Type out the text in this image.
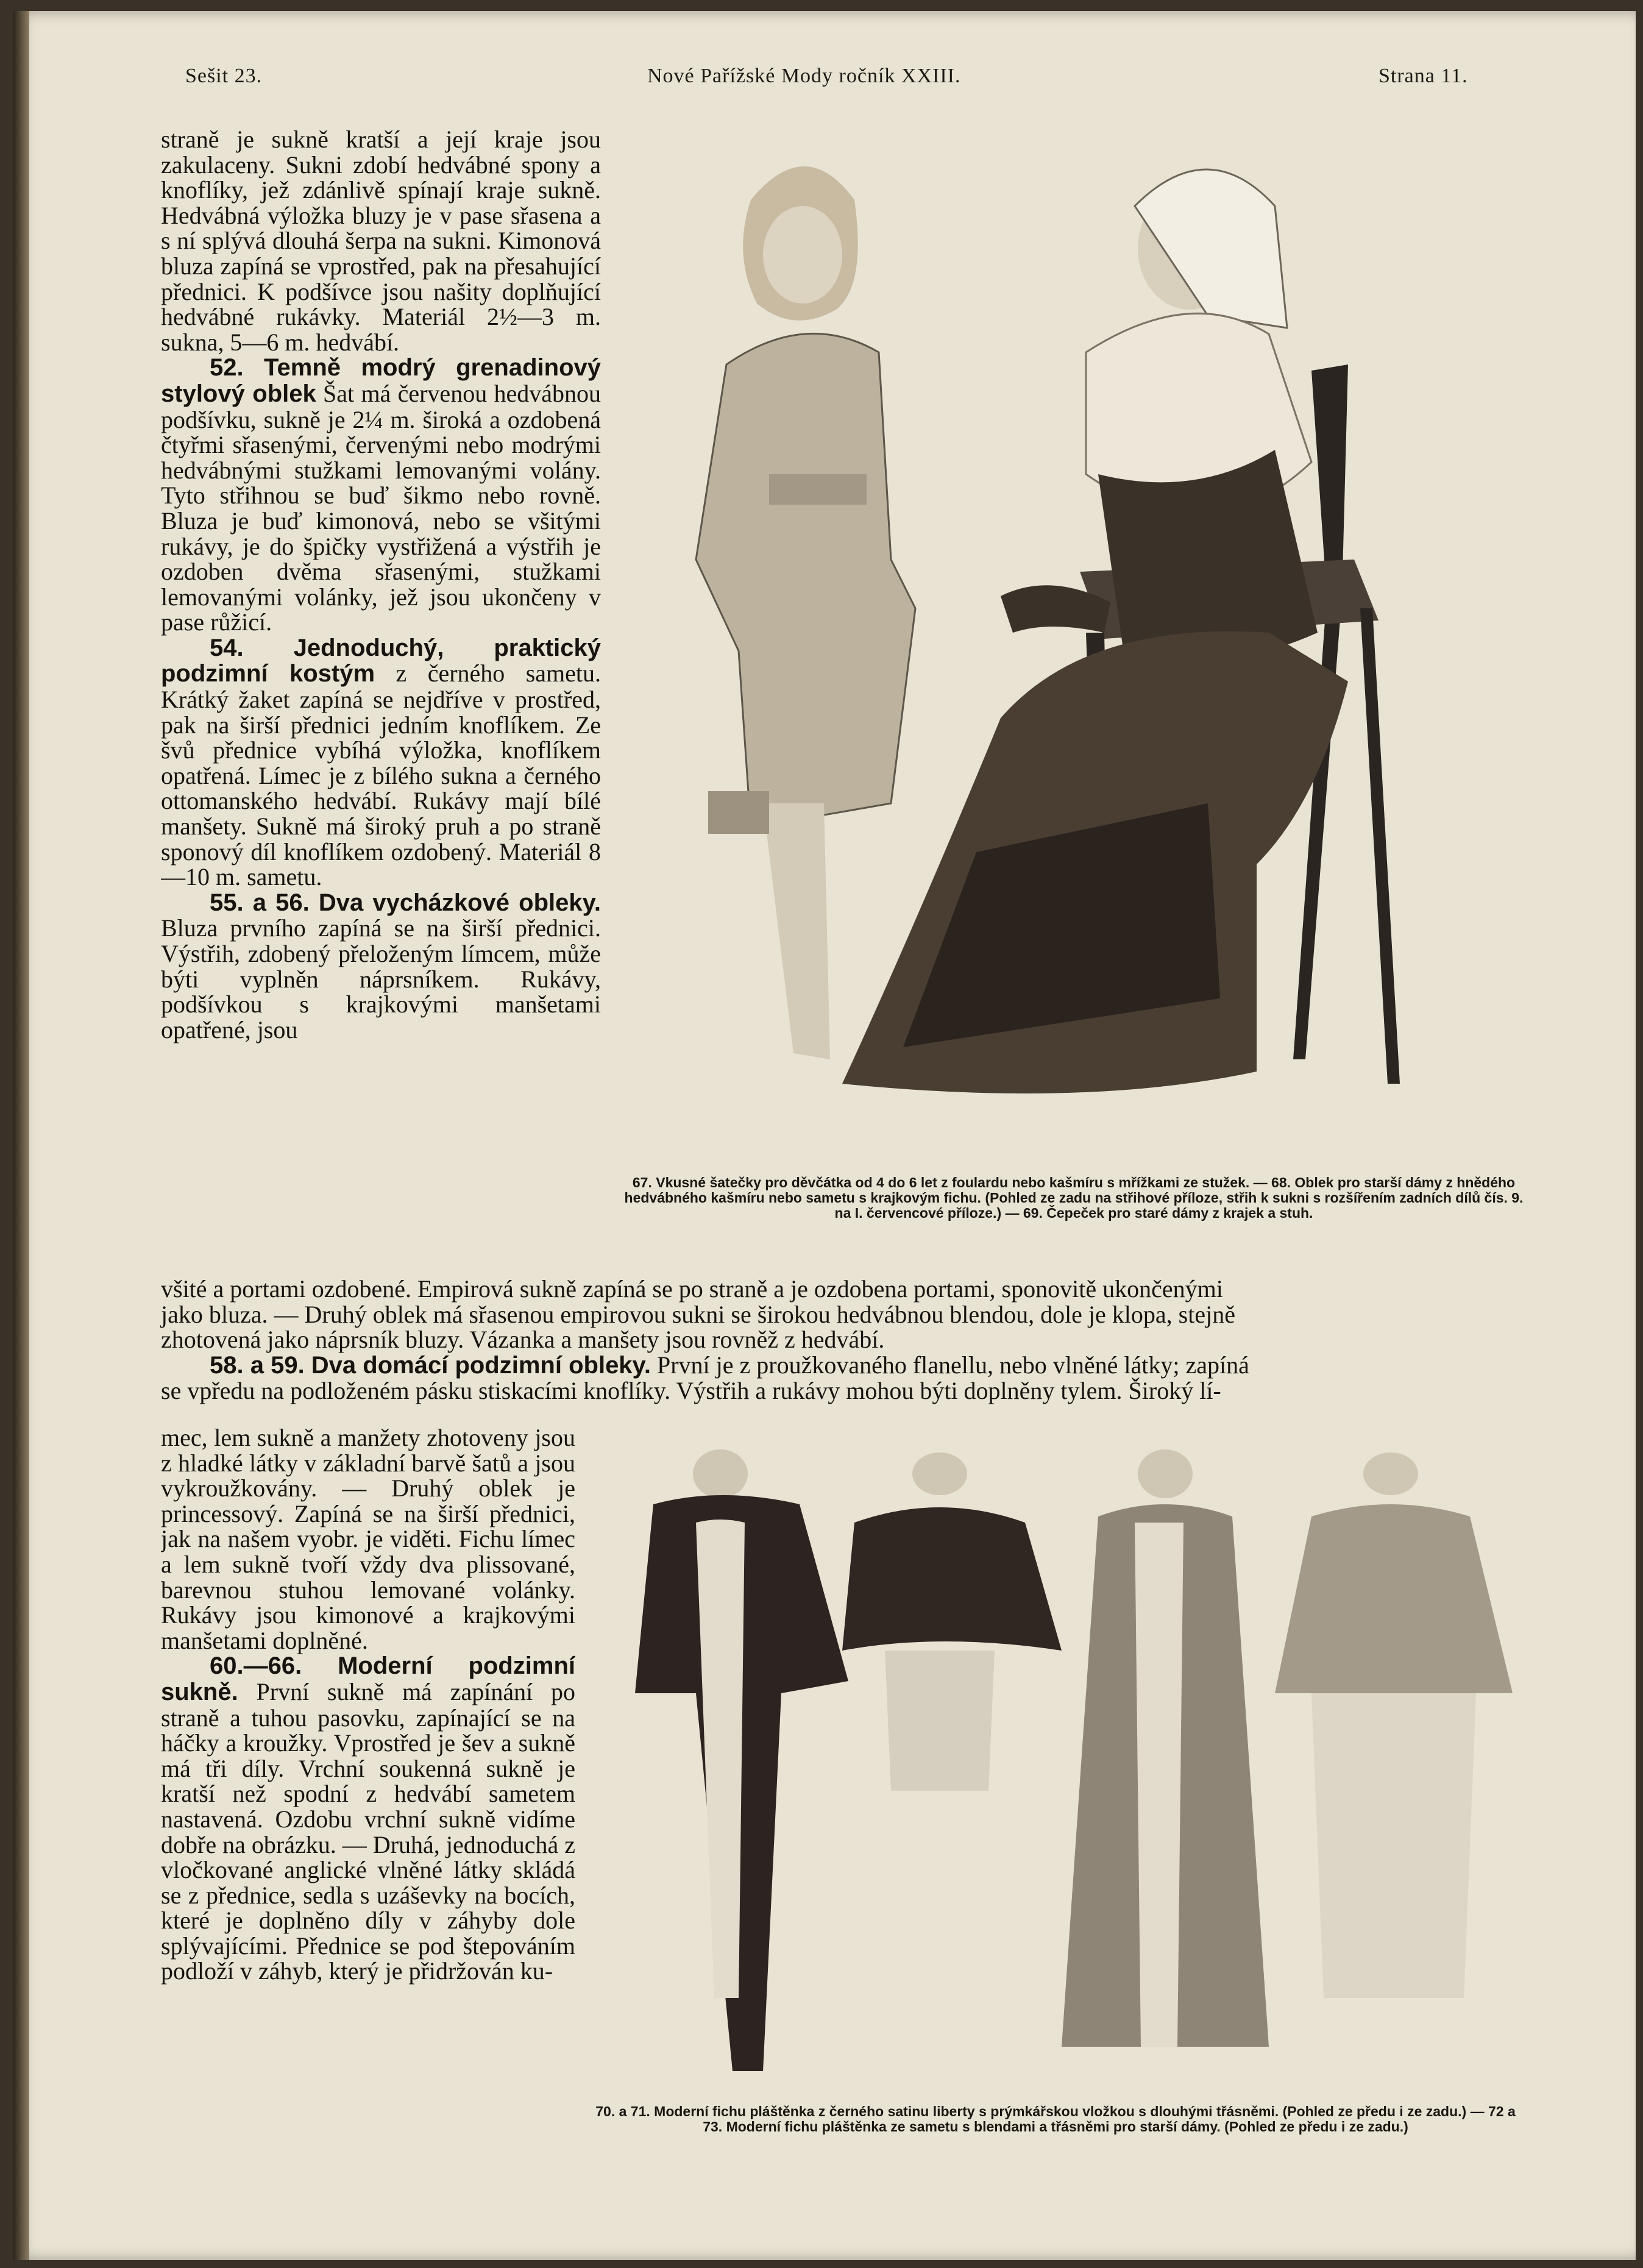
Sešit 23.	Nové Pařížské Mody ročník XXIII.	Strana 11.

straně je sukně kratší a její kraje jsou zakulaceny. Sukni zdobí hedvábné spony a knoflíky, jež zdánlivě spínají kraje sukně. Hedvábná výložka bluzy je v pase sřasena a s ní splývá dlouhá šerpa na sukni. Kimonová bluza zapíná se vprostřed, pak na přesahující přednici. K podšívce jsou našity doplňující hedvábné rukávky. Materiál 2½—3 m. sukna, 5—6 m. hedvábí.

52. Temně modrý grenadinový stylový oblek Šat má červenou hedvábnou podšívku, sukně je 2¼ m. široká a ozdobená čtyřmi sřasenými, červenými nebo modrými hedvábnými stužkami lemovanými volány. Tyto střihnou se buď šikmo nebo rovně. Bluza je buď kimonová, nebo se všitými rukávy, je do špičky vystřižená a výstřih je ozdoben dvěma sřasenými, stužkami lemovanými volánky, jež jsou ukončeny v pase růžicí.

54. Jednoduchý, praktický podzimní kostým z černého sametu. Krátký žaket zapíná se nejdříve v prostřed, pak na širší přednici jedním knoflíkem. Ze švů přednice vybíhá výložka, knoflíkem opatřená. Límec je z bílého sukna a černého ottomanského hedvábí. Rukávy mají bílé manšety. Sukně má široký pruh a po straně sponový díl knoflíkem ozdobený. Materiál 8—10 m. sametu.

55. a 56. Dva vycházkové obleky. Bluza prvního zapíná se na širší přednici. Výstřih, zdobený přeloženým límcem, může býti vyplněn náprsníkem. Rukávy, podšívkou s krajkovými manšetami opatřené, jsou

67. Vkusné šatečky pro děvčátka od 4 do 6 let z foulardu nebo kašmíru s mřížkami ze stužek. — 68. Oblek pro starší dámy z hnědého hedvábného kašmíru nebo sametu s krajkovým fichu. (Pohled ze zadu na střihové příloze, střih k sukni s rozšířením zadních dílů čís. 9. na I. červencové příloze.) — 69. Čepeček pro staré dámy z krajek a stuh.

všité a portami ozdobené. Empirová sukně zapíná se po straně a je ozdobena portami, sponovitě ukončenými

jako bluza. — Druhý oblek má sřasenou empirovou sukni se širokou hedvábnou blendou, dole je klopa, stejně

zhotovená jako náprsník bluzy. Vázanka a manšety jsou rovněž z hedvábí.

58. a 59. Dva domácí podzimní obleky. První je z proužkovaného flanellu, nebo vlněné látky; zapíná

se vpředu na podloženém pásku stiskacími knoflíky. Výstřih a rukávy mohou býti doplněny tylem. Široký lí-

mec, lem sukně a manžety zhotoveny jsou z hladké látky v základní barvě šatů a jsou vykroužkovány. — Druhý oblek je princessový. Zapíná se na širší přednici, jak na našem vyobr. je viděti. Fichu límec a lem sukně tvoří vždy dva plissované, barevnou stuhou lemované volánky. Rukávy jsou kimonové a krajkovými manšetami doplněné.

60.—66. Moderní podzimní sukně. První sukně má zapínání po straně a tuhou pasovku, zapínající se na háčky a kroužky. Vprostřed je šev a sukně má tři díly. Vrchní soukenná sukně je kratší než spodní z hedvábí sametem nastavená. Ozdobu vrchní sukně vidíme dobře na obrázku. — Druhá, jednoduchá z vločkované anglické vlněné látky skládá se z přednice, sedla s uzáševky na bocích, které je doplněno díly v záhyby dole splývajícími. Přednice se pod štepováním podloží v záhyb, který je přidržován ku-

70. a 71. Moderní fichu pláštěnka z černého satinu liberty s prýmkářskou vložkou s dlouhými třásněmi. (Pohled ze předu i ze zadu.) — 72 a 73. Moderní fichu pláštěnka ze sametu s blendami a třásněmi pro starší dámy. (Pohled ze předu i ze zadu.)
